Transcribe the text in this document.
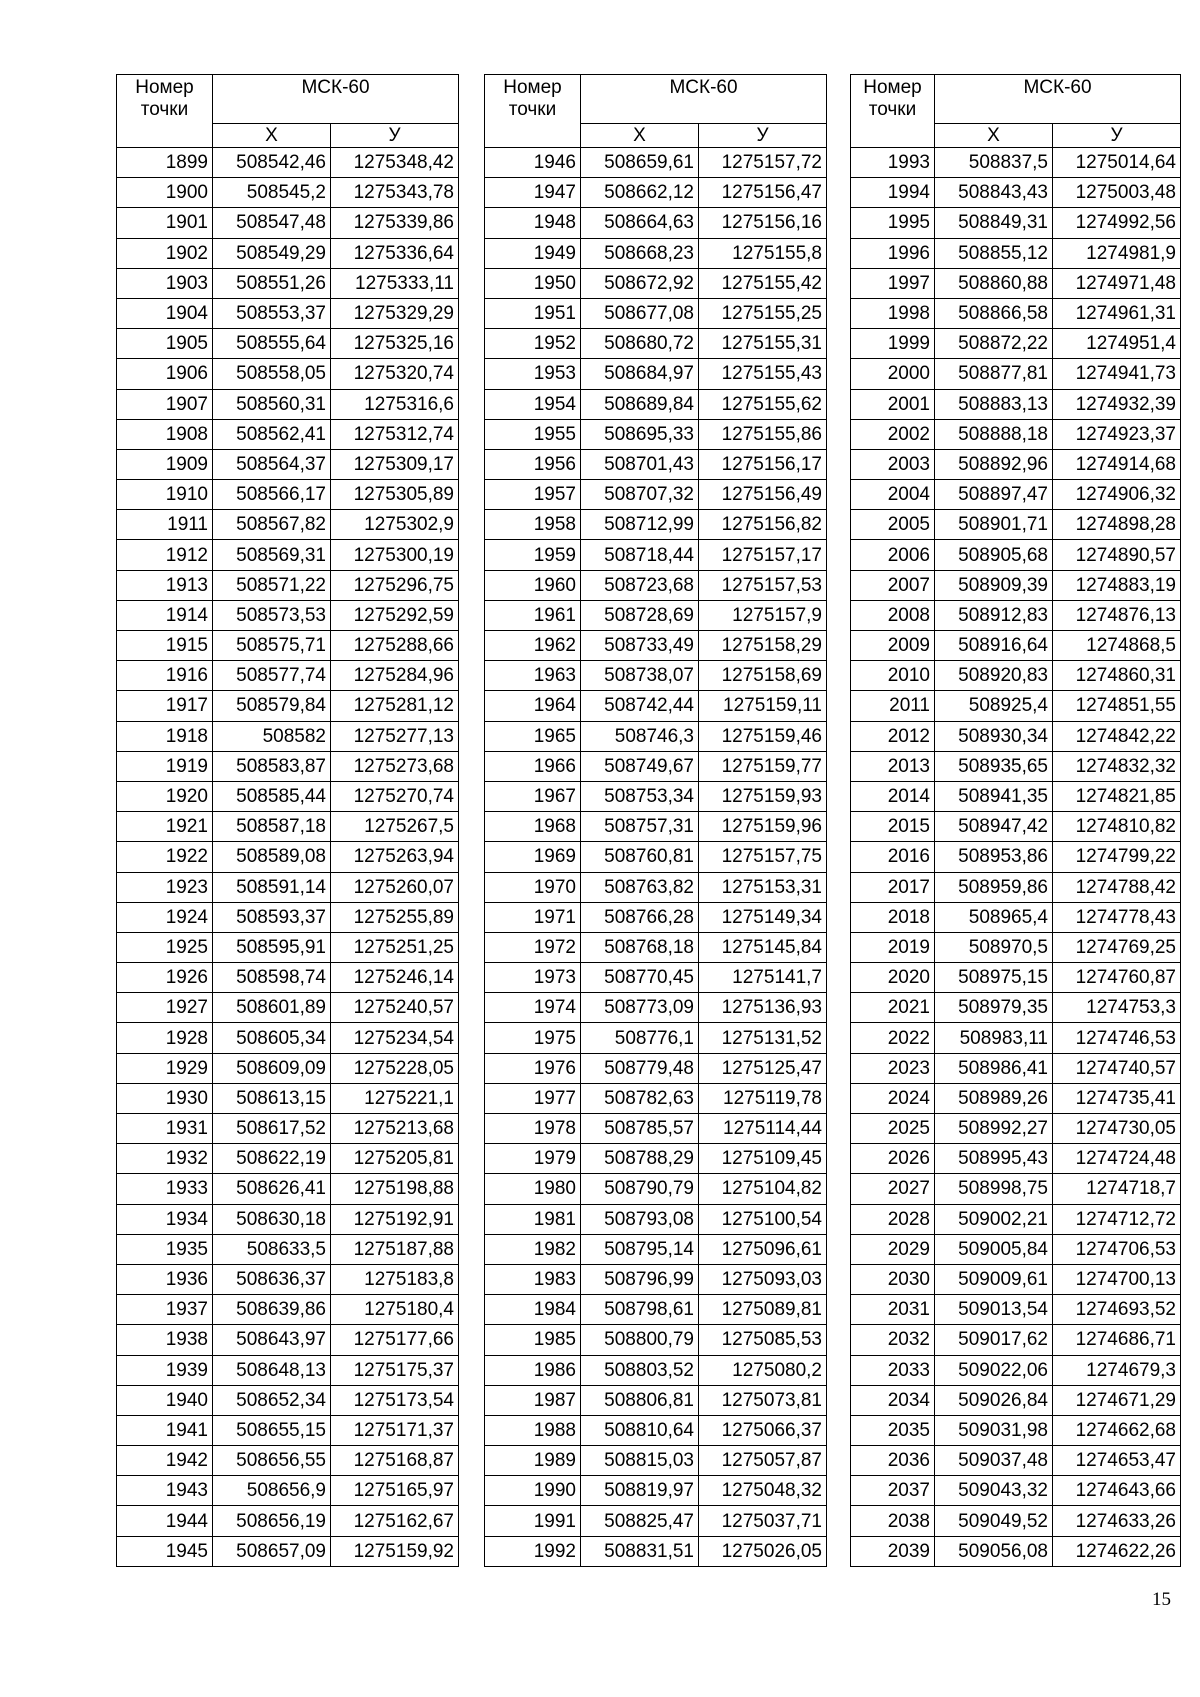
Номер точки	МСК-60	
	X	У
1899	508542,46	1275348,42
1900	508545,2	1275343,78
1901	508547,48	1275339,86
1902	508549,29	1275336,64
1903	508551,26	1275333,11
1904	508553,37	1275329,29
1905	508555,64	1275325,16
1906	508558,05	1275320,74
1907	508560,31	1275316,6
1908	508562,41	1275312,74
1909	508564,37	1275309,17
1910	508566,17	1275305,89
1911	508567,82	1275302,9
1912	508569,31	1275300,19
1913	508571,22	1275296,75
1914	508573,53	1275292,59
1915	508575,71	1275288,66
1916	508577,74	1275284,96
1917	508579,84	1275281,12
1918	508582	1275277,13
1919	508583,87	1275273,68
1920	508585,44	1275270,74
1921	508587,18	1275267,5
1922	508589,08	1275263,94
1923	508591,14	1275260,07
1924	508593,37	1275255,89
1925	508595,91	1275251,25
1926	508598,74	1275246,14
1927	508601,89	1275240,57
1928	508605,34	1275234,54
1929	508609,09	1275228,05
1930	508613,15	1275221,1
1931	508617,52	1275213,68
1932	508622,19	1275205,81
1933	508626,41	1275198,88
1934	508630,18	1275192,91
1935	508633,5	1275187,88
1936	508636,37	1275183,8
1937	508639,86	1275180,4
1938	508643,97	1275177,66
1939	508648,13	1275175,37
1940	508652,34	1275173,54
1941	508655,15	1275171,37
1942	508656,55	1275168,87
1943	508656,9	1275165,97
1944	508656,19	1275162,67
1945	508657,09	1275159,92
Номер точки	МСК-60	
	X	У
1946	508659,61	1275157,72
1947	508662,12	1275156,47
1948	508664,63	1275156,16
1949	508668,23	1275155,8
1950	508672,92	1275155,42
1951	508677,08	1275155,25
1952	508680,72	1275155,31
1953	508684,97	1275155,43
1954	508689,84	1275155,62
1955	508695,33	1275155,86
1956	508701,43	1275156,17
1957	508707,32	1275156,49
1958	508712,99	1275156,82
1959	508718,44	1275157,17
1960	508723,68	1275157,53
1961	508728,69	1275157,9
1962	508733,49	1275158,29
1963	508738,07	1275158,69
1964	508742,44	1275159,11
1965	508746,3	1275159,46
1966	508749,67	1275159,77
1967	508753,34	1275159,93
1968	508757,31	1275159,96
1969	508760,81	1275157,75
1970	508763,82	1275153,31
1971	508766,28	1275149,34
1972	508768,18	1275145,84
1973	508770,45	1275141,7
1974	508773,09	1275136,93
1975	508776,1	1275131,52
1976	508779,48	1275125,47
1977	508782,63	1275119,78
1978	508785,57	1275114,44
1979	508788,29	1275109,45
1980	508790,79	1275104,82
1981	508793,08	1275100,54
1982	508795,14	1275096,61
1983	508796,99	1275093,03
1984	508798,61	1275089,81
1985	508800,79	1275085,53
1986	508803,52	1275080,2
1987	508806,81	1275073,81
1988	508810,64	1275066,37
1989	508815,03	1275057,87
1990	508819,97	1275048,32
1991	508825,47	1275037,71
1992	508831,51	1275026,05
Номер точки	МСК-60	
	X	У
1993	508837,5	1275014,64
1994	508843,43	1275003,48
1995	508849,31	1274992,56
1996	508855,12	1274981,9
1997	508860,88	1274971,48
1998	508866,58	1274961,31
1999	508872,22	1274951,4
2000	508877,81	1274941,73
2001	508883,13	1274932,39
2002	508888,18	1274923,37
2003	508892,96	1274914,68
2004	508897,47	1274906,32
2005	508901,71	1274898,28
2006	508905,68	1274890,57
2007	508909,39	1274883,19
2008	508912,83	1274876,13
2009	508916,64	1274868,5
2010	508920,83	1274860,31
2011	508925,4	1274851,55
2012	508930,34	1274842,22
2013	508935,65	1274832,32
2014	508941,35	1274821,85
2015	508947,42	1274810,82
2016	508953,86	1274799,22
2017	508959,86	1274788,42
2018	508965,4	1274778,43
2019	508970,5	1274769,25
2020	508975,15	1274760,87
2021	508979,35	1274753,3
2022	508983,11	1274746,53
2023	508986,41	1274740,57
2024	508989,26	1274735,41
2025	508992,27	1274730,05
2026	508995,43	1274724,48
2027	508998,75	1274718,7
2028	509002,21	1274712,72
2029	509005,84	1274706,53
2030	509009,61	1274700,13
2031	509013,54	1274693,52
2032	509017,62	1274686,71
2033	509022,06	1274679,3
2034	509026,84	1274671,29
2035	509031,98	1274662,68
2036	509037,48	1274653,47
2037	509043,32	1274643,66
2038	509049,52	1274633,26
2039	509056,08	1274622,26
15
